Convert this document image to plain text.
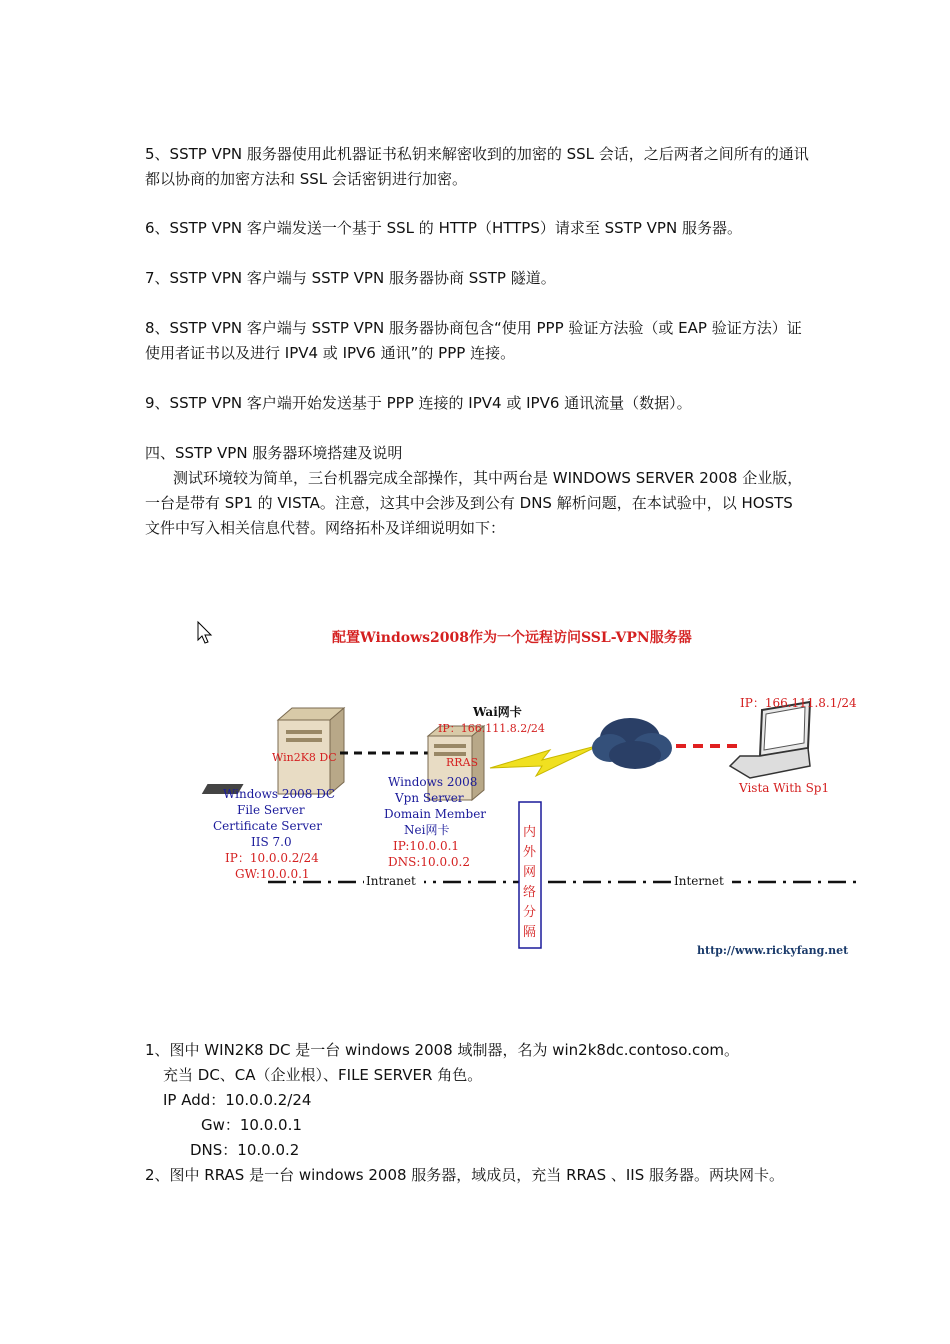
5、SSTP VPN 服务器使用此机器证书私钥来解密收到的加密的 SSL 会话，之后两者之间所有的通讯都以协商的加密方法和 SSL 会话密钥进行加密。

6、SSTP VPN 客户端发送一个基于 SSL 的 HTTP（HTTPS）请求至 SSTP VPN 服务器。

7、SSTP VPN 客户端与 SSTP VPN 服务器协商 SSTP 隧道。

8、SSTP VPN 客户端与 SSTP VPN 服务器协商包含“使用 PPP 验证方法验（或 EAP 验证方法）证使用者证书以及进行 IPV4 或 IPV6 通讯”的 PPP 连接。

9、SSTP VPN 客户端开始发送基于 PPP 连接的 IPV4 或 IPV6 通讯流量（数据）。

四、SSTP VPN 服务器环境搭建及说明

测试环境较为简单，三台机器完成全部操作，其中两台是 WINDOWS SERVER 2008 企业版，一台是带有 SP1 的 VISTA。注意，这其中会涉及到公有 DNS 解析问题，在本试验中，以 HOSTS 文件中写入相关信息代替。网络拓朴及详细说明如下：

配置Windows2008作为一个远程访问SSL-VPN服务器
Win2K8 DC	RRAS
Wai网卡
IP：166.111.8.2/24
IP：166.111.8.1/24
Vista With Sp1
Windows 2008 DC
File Server
Certificate Server
IIS 7.0
IP：10.0.0.2/24
GW:10.0.0.1
Windows 2008
Vpn Server
Domain Member
Nei网卡
IP:10.0.0.1
DNS:10.0.0.2
Intranet	Internet
内
外
网
络
分
隔
http://www.rickyfang.net
1、图中 WIN2K8 DC 是一台 windows 2008 域制器，名为 win2k8dc.contoso.com。
充当 DC、CA（企业根）、FILE SERVER 角色。
IP Add：10.0.0.2/24
Gw：10.0.0.1
DNS：10.0.0.2

2、图中 RRAS 是一台 windows 2008 服务器，域成员，充当 RRAS 、IIS 服务器。两块网卡。
